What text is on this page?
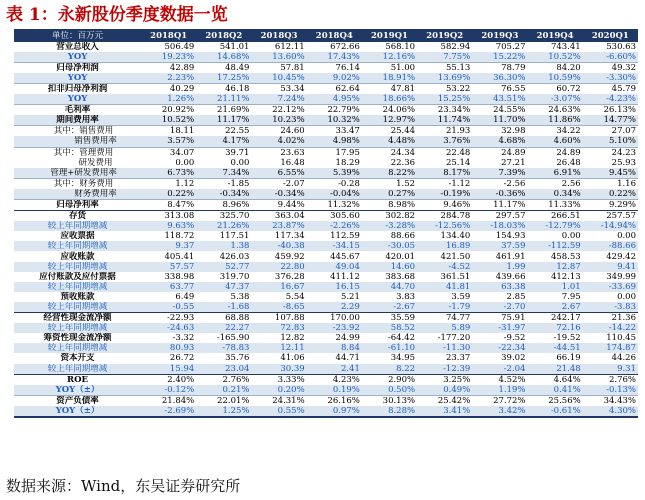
表 1：永新股份季度数据一览
单位：百万元	2018Q1	2018Q2	2018Q3	2018Q4	2019Q1	2019Q2	2019Q3	2019Q4	2020Q1
营业总收入	506.49	541.01	612.11	672.66	568.10	582.94	705.27	743.41	530.63
YOY	19.23%	14.68%	13.60%	17.43%	12.16%	7.75%	15.22%	10.52%	-6.60%
归母净利润	42.89	48.49	57.81	76.14	51.00	55.13	78.79	84.20	49.32
YOY	2.23%	17.25%	10.45%	9.02%	18.91%	13.69%	36.30%	10.59%	-3.30%
扣非归母净利润	40.29	46.18	53.34	62.64	47.81	53.22	76.55	60.72	45.79
YOY	1.26%	21.11%	7.24%	4.95%	18.66%	15.25%	43.51%	-3.07%	-4.23%
毛利率	20.92%	21.69%	22.12%	22.79%	24.06%	23.34%	24.55%	24.63%	26.13%
期间费用率	10.52%	11.17%	10.23%	10.32%	12.97%	11.74%	11.70%	11.86%	14.77%
其中：销售费用	18.11	22.55	24.60	33.47	25.44	21.93	32.98	34.22	27.07
销售费用率	3.57%	4.17%	4.02%	4.98%	4.48%	3.76%	4.68%	4.60%	5.10%
其中：管理费用	34.07	39.71	23.63	17.95	24.34	22.48	24.89	24.89	24.23
研发费用	0.00	0.00	16.48	18.29	22.36	25.14	27.21	26.48	25.93
管理+研发费用率	6.73%	7.34%	6.55%	5.39%	8.22%	8.17%	7.39%	6.91%	9.45%
其中：财务费用	1.12	-1.85	-2.07	-0.28	1.52	-1.12	-2.56	2.56	1.16
财务费用率	0.22%	-0.34%	-0.34%	-0.04%	0.27%	-0.19%	-0.36%	0.34%	0.22%
归母净利率	8.47%	8.96%	9.44%	11.32%	8.98%	9.46%	11.17%	11.33%	9.29%
存货	313.08	325.70	363.04	305.60	302.82	284.78	297.57	266.51	257.57
较上年同期增减	9.63%	21.26%	23.87%	-2.26%	-3.28%	-12.56%	-18.03%	-12.79%	-14.94%
应收票据	118.72	117.51	117.34	112.59	88.66	134.40	154.93	0.00	0.00
较上年同期增减	9.37	1.38	-40.38	-34.15	-30.05	16.89	37.59	-112.59	-88.66
应收账款	405.41	426.03	459.92	445.67	420.01	421.50	461.91	458.53	429.42
较上年同期增减	57.57	52.77	22.80	49.04	14.60	-4.52	1.99	12.87	9.41
应付账款及应付票据	338.98	319.70	376.28	411.12	383.68	361.51	439.66	412.13	349.99
较上年同期增减	63.77	47.37	16.67	16.15	44.70	41.81	63.38	1.01	-33.69
预收账款	6.49	5.38	5.54	5.21	3.83	3.59	2.85	7.95	0.00
较上年同期增减	-0.55	-1.68	-8.65	2.29	-2.67	-1.79	-2.70	2.67	-3.83
经营性现金流净额	-22.93	68.88	107.88	170.00	35.59	74.77	75.91	242.17	21.36
较上年同期增减	-24.63	22.27	72.83	-23.92	58.52	5.89	-31.97	72.16	-14.22
筹资性现金流净额	-3.32	-165.90	12.82	24.99	-64.42	-177.20	-9.52	-19.52	110.45
较上年同期增减	80.93	-78.83	12.11	8.84	-61.10	-11.30	-22.34	-44.51	174.87
资本开支	26.72	35.76	41.06	44.71	34.95	23.37	39.02	66.19	44.26
较上年同期增减	15.94	23.04	30.39	2.41	8.22	-12.39	-2.04	21.48	9.31
ROE	2.40%	2.76%	3.33%	4.23%	2.90%	3.25%	4.52%	4.64%	2.76%
YOY（±）	-0.12%	0.21%	0.20%	0.19%	0.50%	0.49%	1.19%	0.41%	-0.13%
资产负债率	21.84%	22.01%	24.31%	26.16%	30.13%	25.42%	27.72%	25.56%	34.43%
YOY（±）	-2.69%	1.25%	0.55%	0.97%	8.28%	3.41%	3.42%	-0.61%	4.30%
数据来源：Wind，东吴证券研究所
